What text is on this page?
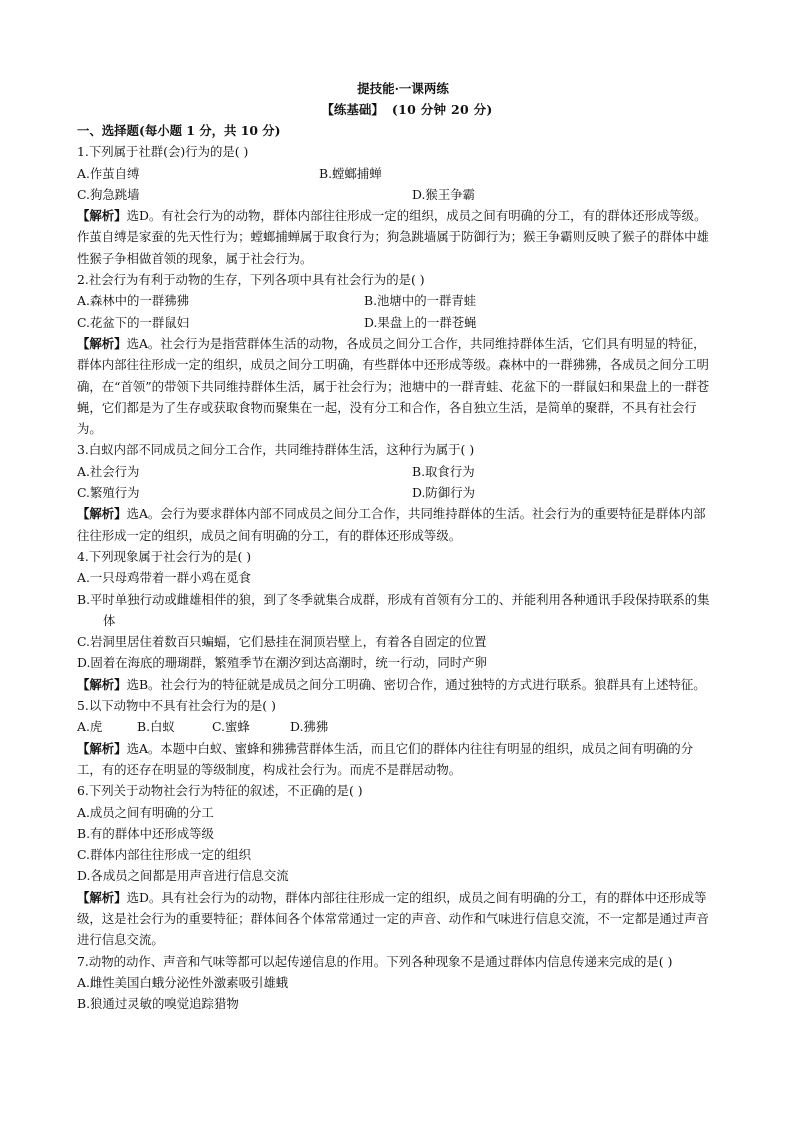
提技能·一课两练
【练基础】 (10 分钟 20 分)
一、选择题(每小题 1 分，共 10 分)

1.下列属于社群(会)行为的是( )

A.作茧自缚	B.螳螂捕蝉
C.狗急跳墙	D.猴王争霸

【解析】选D。有社会行为的动物，群体内部往往形成一定的组织，成员之间有明确的分工，有的群体还形成等级。作茧自缚是家蚕的先天性行为；螳螂捕蝉属于取食行为；狗急跳墙属于防御行为；猴王争霸则反映了猴子的群体中雄性猴子争相做首领的现象，属于社会行为。

2.社会行为有利于动物的生存，下列各项中具有社会行为的是( )

A.森林中的一群狒狒	B.池塘中的一群青蛙
C.花盆下的一群鼠妇	D.果盘上的一群苍蝇

【解析】选A。社会行为是指营群体生活的动物，各成员之间分工合作，共同维持群体生活，它们具有明显的特征，群体内部往往形成一定的组织，成员之间分工明确，有些群体中还形成等级。森林中的一群狒狒，各成员之间分工明确，在“首领”的带领下共同维持群体生活，属于社会行为；池塘中的一群青蛙、花盆下的一群鼠妇和果盘上的一群苍蝇，它们都是为了生存或获取食物而聚集在一起，没有分工和合作，各自独立生活，是简单的聚群，不具有社会行为。

3.白蚁内部不同成员之间分工合作，共同维持群体生活，这种行为属于( )

A.社会行为	B.取食行为
C.繁殖行为	D.防御行为

【解析】选A。会行为要求群体内部不同成员之间分工合作，共同维持群体的生活。社会行为的重要特征是群体内部往往形成一定的组织，成员之间有明确的分工，有的群体还形成等级。

4.下列现象属于社会行为的是( )

A.一只母鸡带着一群小鸡在觅食

B.平时单独行动或雌雄相伴的狼，到了冬季就集合成群，形成有首领有分工的、并能利用各种通讯手段保持联系的集体

C.岩洞里居住着数百只蝙蝠，它们悬挂在洞顶岩壁上，有着各自固定的位置

D.固着在海底的珊瑚群，繁殖季节在潮汐到达高潮时，统一行动，同时产卵

【解析】选B。社会行为的特征就是成员之间分工明确、密切合作，通过独特的方式进行联系。狼群具有上述特征。

5.以下动物中不具有社会行为的是( )

A.虎	B.白蚁	C.蜜蜂	D.狒狒

【解析】选A。本题中白蚁、蜜蜂和狒狒营群体生活，而且它们的群体内往往有明显的组织，成员之间有明确的分工，有的还存在明显的等级制度，构成社会行为。而虎不是群居动物。

6.下列关于动物社会行为特征的叙述，不正确的是( )

A.成员之间有明确的分工

B.有的群体中还形成等级

C.群体内部往往形成一定的组织

D.各成员之间都是用声音进行信息交流

【解析】选D。具有社会行为的动物，群体内部往往形成一定的组织，成员之间有明确的分工，有的群体中还形成等级，这是社会行为的重要特征；群体间各个体常常通过一定的声音、动作和气味进行信息交流，不一定都是通过声音进行信息交流。

7.动物的动作、声音和气味等都可以起传递信息的作用。下列各种现象不是通过群体内信息传递来完成的是( )

A.雌性美国白蛾分泌性外激素吸引雄蛾

B.狼通过灵敏的嗅觉追踪猎物
